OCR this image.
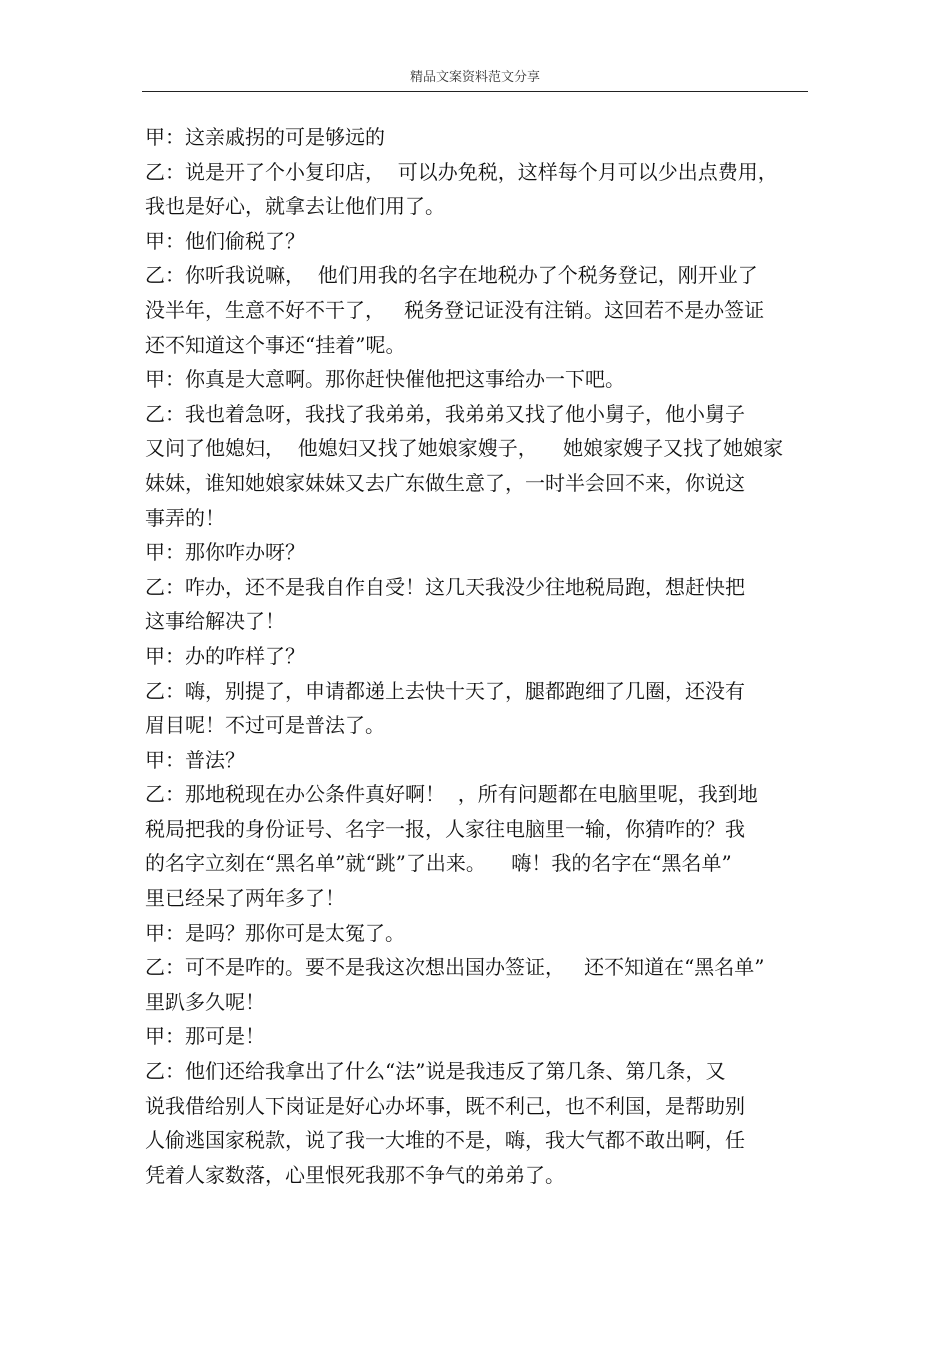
精品文案资料范文分享
甲：这亲戚拐的可是够远的
乙：说是开了个小复印店，  可以办免税，这样每个月可以少出点费用，
我也是好心，就拿去让他们用了。
甲：他们偷税了？
乙：你听我说嘛，  他们用我的名字在地税办了个税务登记，刚开业了
没半年，生意不好不干了，   税务登记证没有注销。这回若不是办签证
还不知道这个事还“挂着”呢。
甲：你真是大意啊。那你赶快催他把这事给办一下吧。
乙：我也着急呀，我找了我弟弟，我弟弟又找了他小舅子，他小舅子
又问了他媳妇，  他媳妇又找了她娘家嫂子，    她娘家嫂子又找了她娘家
妹妹，谁知她娘家妹妹又去广东做生意了，一时半会回不来，你说这
事弄的！
甲：那你咋办呀？
乙：咋办，还不是我自作自受！这几天我没少往地税局跑，想赶快把
这事给解决了！
甲：办的咋样了？
乙：嗨，别提了，申请都递上去快十天了，腿都跑细了几圈，还没有
眉目呢！不过可是普法了。
甲：普法？
乙：那地税现在办公条件真好啊！  ，所有问题都在电脑里呢，我到地
税局把我的身份证号、名字一报，人家往电脑里一输，你猜咋的？我
的名字立刻在“黑名单”就“跳”了出来。    嗨！我的名字在“黑名单”
里已经呆了两年多了！
甲：是吗？那你可是太冤了。
乙：可不是咋的。要不是我这次想出国办签证，   还不知道在“黑名单”
里趴多久呢！
甲：那可是！
乙：他们还给我拿出了什么“法”说是我违反了第几条、第几条，又
说我借给别人下岗证是好心办坏事，既不利己，也不利国，是帮助别
人偷逃国家税款，说了我一大堆的不是，嗨，我大气都不敢出啊，任
凭着人家数落，心里恨死我那不争气的弟弟了。
